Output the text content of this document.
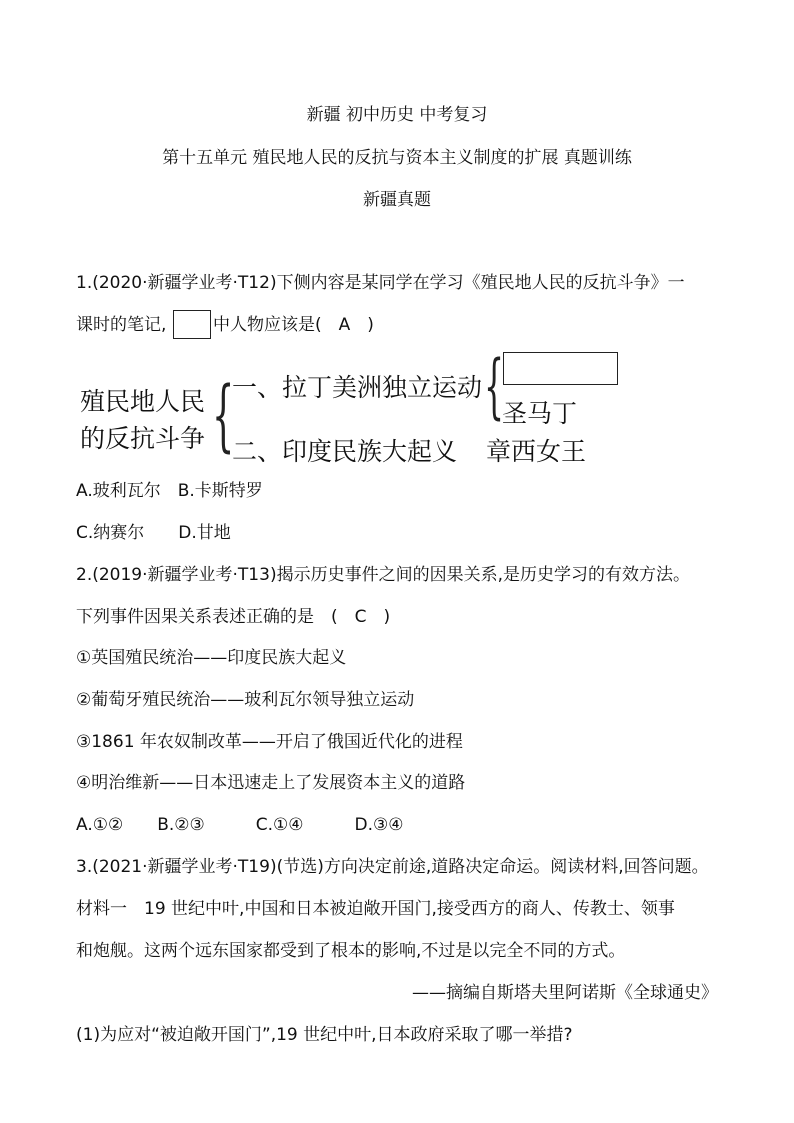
新疆 初中历史 中考复习
第十五单元 殖民地人民的反抗与资本主义制度的扩展 真题训练
新疆真题
1.(2020·新疆学业考·T12)下侧内容是某同学在学习《殖民地人民的反抗斗争》一
课时的笔记,	中人物应该是(　A　)
殖民地人民
的反抗斗争 {
一、拉丁美洲独立运动
二、印度民族大起义
{
圣马丁
章西女王
A.玻利瓦尔　B.卡斯特罗
C.纳赛尔　　D.甘地
2.(2019·新疆学业考·T13)揭示历史事件之间的因果关系,是历史学习的有效方法。
下列事件因果关系表述正确的是　(　C　)
①英国殖民统治——印度民族大起义
②葡萄牙殖民统治——玻利瓦尔领导独立运动
③1861 年农奴制改革——开启了俄国近代化的进程
④明治维新——日本迅速走上了发展资本主义的道路
A.①②　　B.②③　　　C.①④　　　D.③④
3.(2021·新疆学业考·T19)(节选)方向决定前途,道路决定命运。阅读材料,回答问题。
材料一　19 世纪中叶,中国和日本被迫敞开国门,接受西方的商人、传教士、领事
和炮舰。这两个远东国家都受到了根本的影响,不过是以完全不同的方式。
——摘编自斯塔夫里阿诺斯《全球通史》
(1)为应对“被迫敞开国门”,19 世纪中叶,日本政府采取了哪一举措?
